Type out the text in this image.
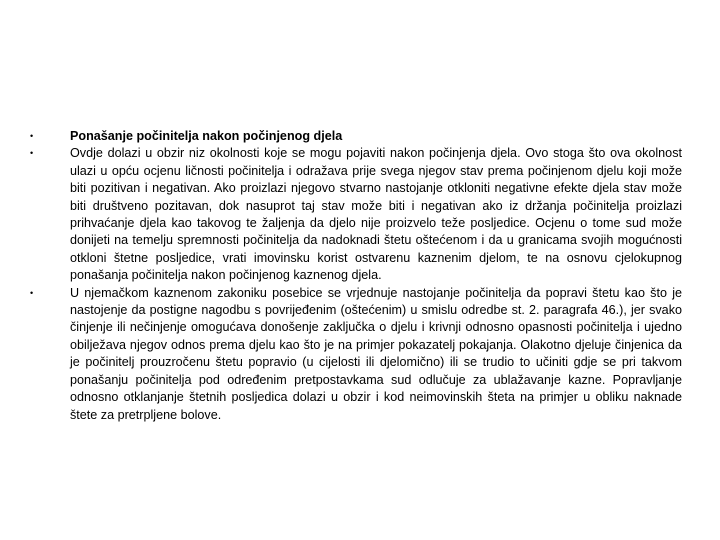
•	Ponašanje počinitelja nakon počinjenog djela
•	Ovdje dolazi u obzir niz okolnosti koje se mogu pojaviti nakon počinjenja djela. Ovo stoga što ova okolnost ulazi u opću ocjenu ličnosti počinitelja i odražava prije svega njegov stav prema počinjenom djelu koji može biti pozitivan i negativan. Ako proizlazi njegovo stvarno nastojanje otkloniti negativne efekte djela stav može biti društveno pozitavan, dok nasuprot taj stav može biti i negativan ako iz držanja počinitelja proizlazi prihvaćanje djela kao takovog te žaljenja da djelo nije proizvelo teže posljedice. Ocjenu o tome sud može donijeti na temelju spremnosti počinitelja da nadoknadi štetu oštećenom i da u granicama svojih mogućnosti otkloni štetne posljedice, vrati imovinsku korist ostvarenu kaznenim djelom, te na osnovu cjelokupnog ponašanja počinitelja nakon počinjenog kaznenog djela.
•	U njemačkom kaznenom zakoniku posebice se vrjednuje nastojanje počinitelja da popravi štetu kao što je nastojenje da postigne nagodbu s povrijeđenim (oštećenim) u smislu odredbe st. 2. paragrafa 46.), jer svako činjenje ili nečinjenje omogućava donošenje zaključka o djelu i krivnji odnosno opasnosti počinitelja i ujedno obilježava njegov odnos prema djelu kao što je na primjer pokazatelj pokajanja. Olakotno djeluje činjenica da je počinitelj prouzročenu štetu popravio (u cijelosti ili djelomično) ili se trudio to učiniti gdje se pri takvom ponašanju počinitelja pod određenim pretpostavkama sud odlučuje za ublažavanje kazne. Popravljanje odnosno otklanjanje štetnih posljedica dolazi u obzir i kod neimovinskih šteta na primjer u obliku naknade štete za pretrpljene bolove.
